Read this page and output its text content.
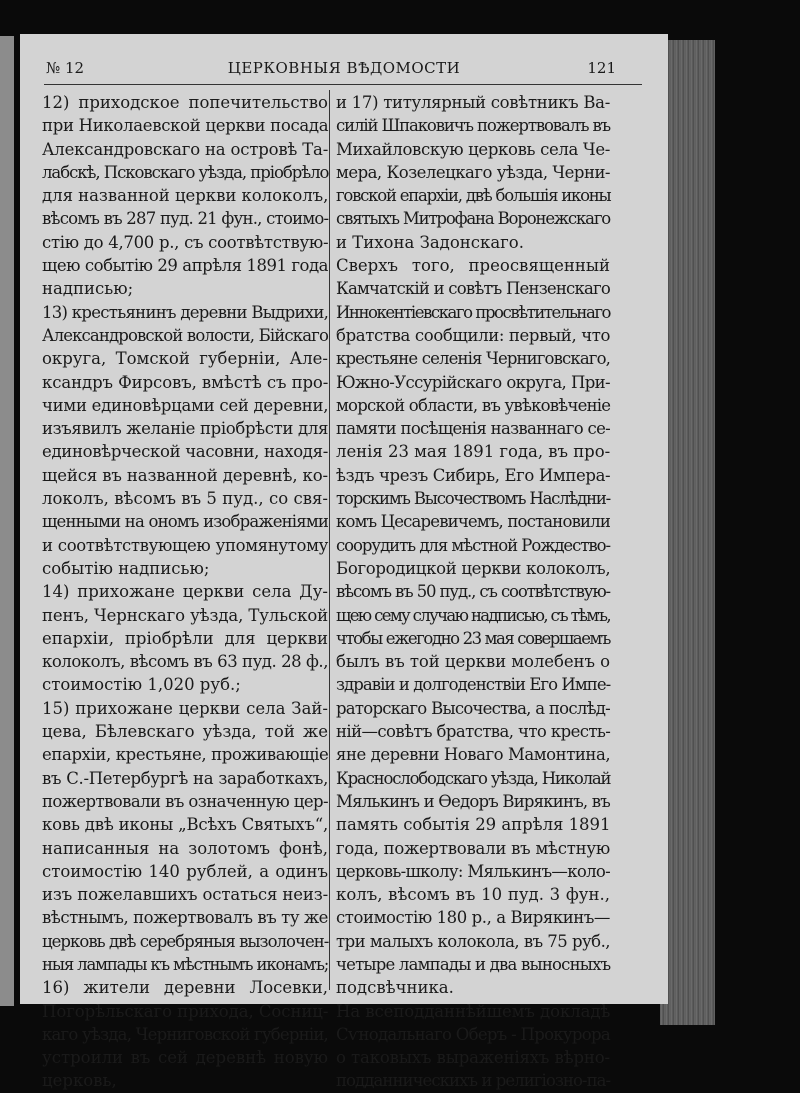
№ 12	ЦЕРКОВНЫЯ ВѢДОМОСТИ	121
12) приходское попечительство
при Николаевской церкви посада
Александровскаго на островѣ Та-
лабскѣ, Псковскаго уѣзда, пріобрѣло
для названной церкви колоколъ,
вѣсомъ въ 287 пуд. 21 фун., стоимо-
стію до 4,700 р., съ соотвѣтствую-
щею событію 29 апрѣля 1891 года
надписью;
13) крестьянинъ деревни Выдрихи,
Александровской волости, Бійскаго
округа, Томской губерніи, Але-
ксандръ Фирсовъ, вмѣстѣ съ про-
чими единовѣрцами сей деревни,
изъявилъ желаніе пріобрѣсти для
единовѣрческой часовни, находя-
щейся въ названной деревнѣ, ко-
локолъ, вѣсомъ въ 5 пуд., со свя-
щенными на ономъ изображеніями
и соотвѣтствующею упомянутому
событію надписью;
14) прихожане церкви села Ду-
пенъ, Чернскаго уѣзда, Тульской
епархіи, пріобрѣли для церкви
колоколъ, вѣсомъ въ 63 пуд. 28 ф.,
стоимостію 1,020 руб.;
15) прихожане церкви села Зай-
цева, Бѣлевскаго уѣзда, той же
епархіи, крестьяне, проживающіе
въ С.-Петербургѣ на заработкахъ,
пожертвовали въ означенную цер-
ковь двѣ иконы „Всѣхъ Святыхъ“,
написанныя на золотомъ фонѣ,
стоимостію 140 рублей, а одинъ
изъ пожелавшихъ остаться неиз-
вѣстнымъ, пожертвовалъ въ ту же
церковь двѣ серебряныя вызолочен-
ныя лампады къ мѣстнымъ иконамъ;
16) жители деревни Лосевки,
Погорѣльскаго прихода, Сосниц-
каго уѣзда, Черниговской губерніи,
устроили въ сей деревнѣ новую
церковь,
и 17) титулярный совѣтникъ Ва-
силій Шпаковичъ пожертвовалъ въ
Михайловскую церковь села Че-
мера, Козелецкаго уѣзда, Черни-
говской епархіи, двѣ большія иконы
святыхъ Митрофана Воронежскаго
и Тихона Задонскаго.
Сверхъ того, преосвященный
Камчатскій и совѣтъ Пензенскаго
Иннокентіевскаго просвѣтительнаго
братства сообщили: первый, что
крестьяне селенія Черниговскаго,
Южно-Уссурійскаго округа, При-
морской области, въ увѣковѣченіе
памяти посѣщенія названнаго се-
ленія 23 мая 1891 года, въ про-
ѣздъ чрезъ Сибирь, Его Импера-
торскимъ Высочествомъ Наслѣдни-
комъ Цесаревичемъ, постановили
соорудить для мѣстной Рождество-
Богородицкой церкви колоколъ,
вѣсомъ въ 50 пуд., съ соотвѣтствую-
щею сему случаю надписью, съ тѣмъ,
чтобы ежегодно 23 мая совершаемъ
былъ въ той церкви молебенъ о
здравіи и долгоденствіи Его Импе-
раторскаго Высочества, а послѣд-
ній—совѣтъ братства, что кресть-
яне деревни Новаго Мамонтина,
Краснослободскаго уѣзда, Николай
Мялькинъ и Ѳедоръ Вирякинъ, въ
память событія 29 апрѣля 1891
года, пожертвовали въ мѣстную
церковь-школу: Мялькинъ—коло-
колъ, вѣсомъ въ 10 пуд. 3 фун.,
стоимостію 180 р., а Вирякинъ—
три малыхъ колокола, въ 75 руб.,
четыре лампады и два выносныхъ
подсвѣчника.
На всеподданнѣйшемъ докладѣ
Сѵнодальнаго Оберъ - Прокурора
о таковыхъ выраженіяхъ вѣрно-
подданническихъ и религіозно-па-
